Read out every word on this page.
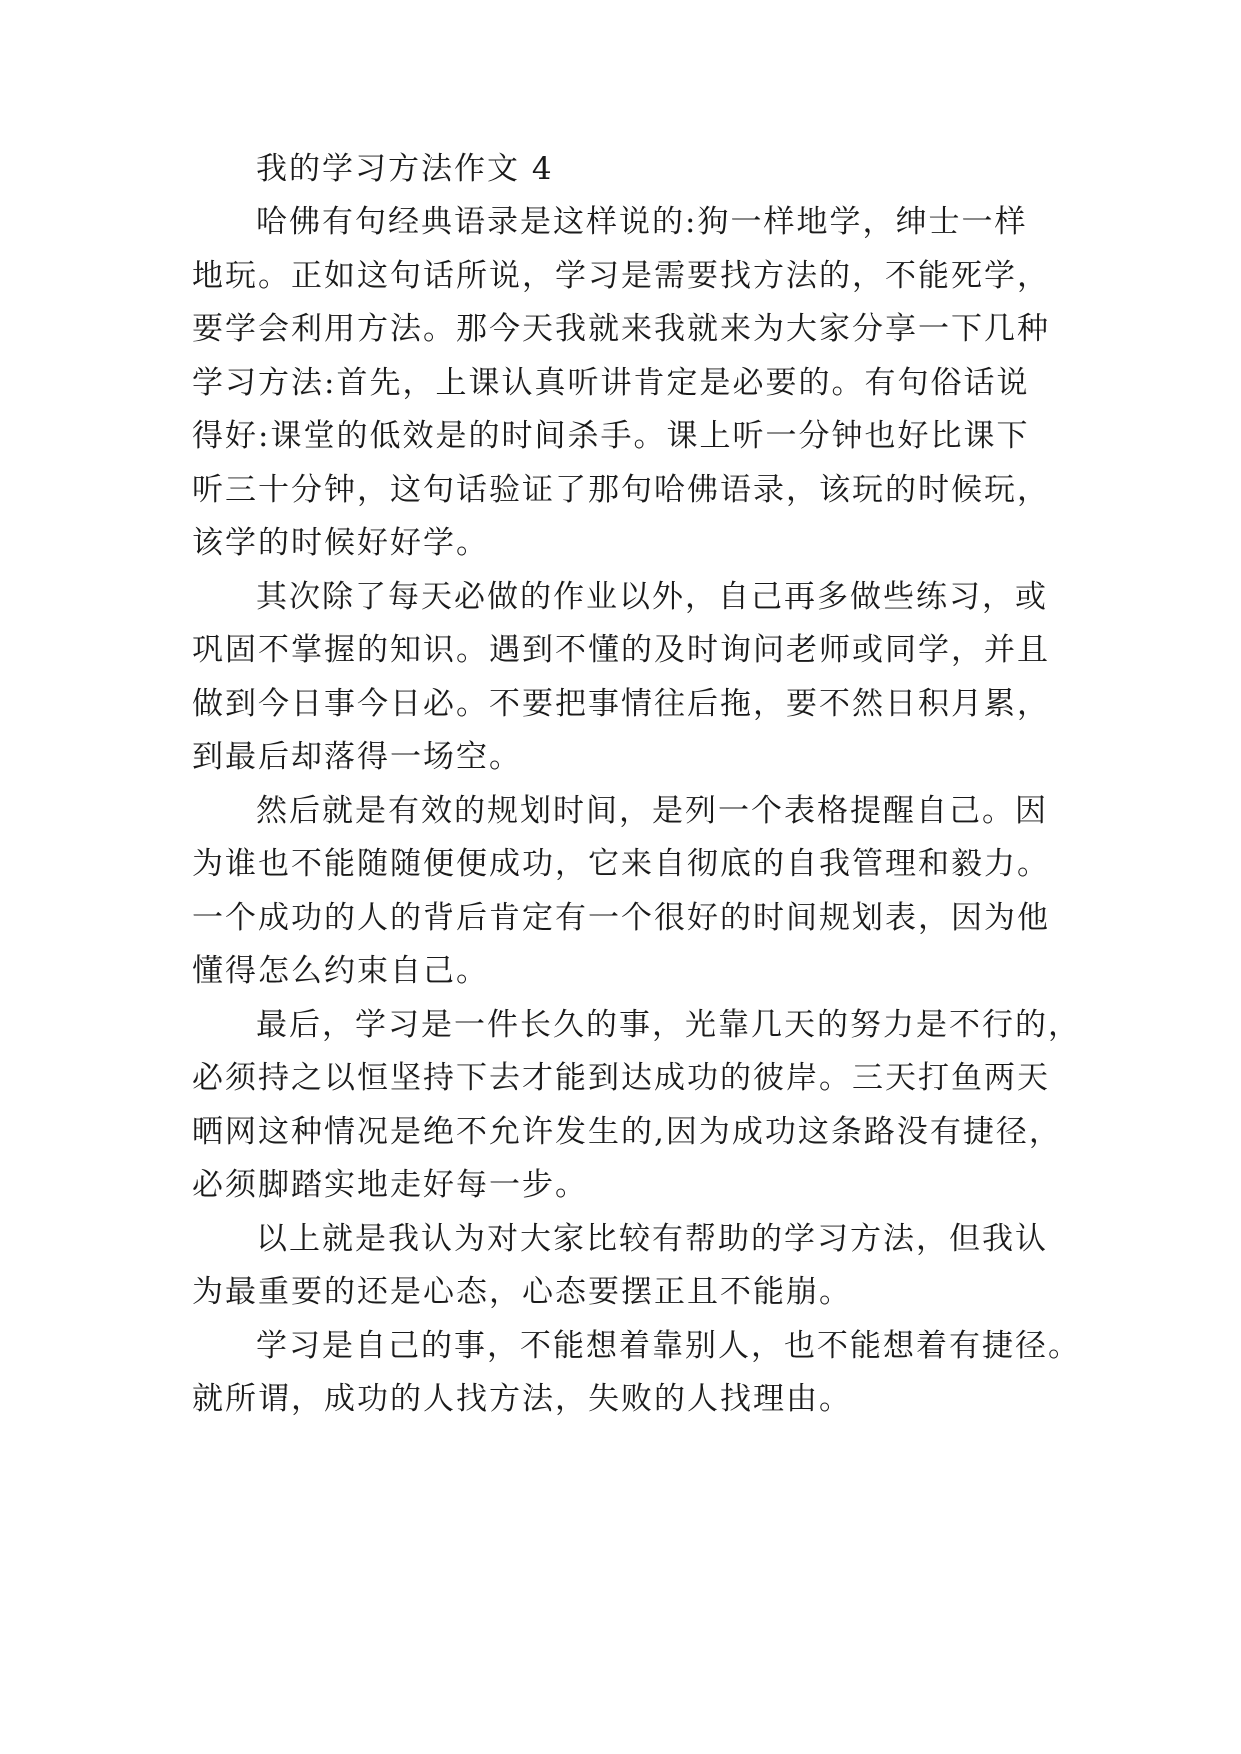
我的学习方法作文 4
哈佛有句经典语录是这样说的:狗一样地学，绅士一样
地玩。正如这句话所说，学习是需要找方法的，不能死学，
要学会利用方法。那今天我就来我就来为大家分享一下几种
学习方法:首先，上课认真听讲肯定是必要的。有句俗话说
得好:课堂的低效是的时间杀手。课上听一分钟也好比课下
听三十分钟，这句话验证了那句哈佛语录，该玩的时候玩，
该学的时候好好学。
其次除了每天必做的作业以外，自己再多做些练习，或
巩固不掌握的知识。遇到不懂的及时询问老师或同学，并且
做到今日事今日必。不要把事情往后拖，要不然日积月累，
到最后却落得一场空。
然后就是有效的规划时间，是列一个表格提醒自己。因
为谁也不能随随便便成功，它来自彻底的自我管理和毅力。
一个成功的人的背后肯定有一个很好的时间规划表，因为他
懂得怎么约束自己。
最后，学习是一件长久的事，光靠几天的努力是不行的，
必须持之以恒坚持下去才能到达成功的彼岸。三天打鱼两天
晒网这种情况是绝不允许发生的,因为成功这条路没有捷径，
必须脚踏实地走好每一步。
以上就是我认为对大家比较有帮助的学习方法，但我认
为最重要的还是心态，心态要摆正且不能崩。
学习是自己的事，不能想着靠别人，也不能想着有捷径。
就所谓，成功的人找方法，失败的人找理由。
